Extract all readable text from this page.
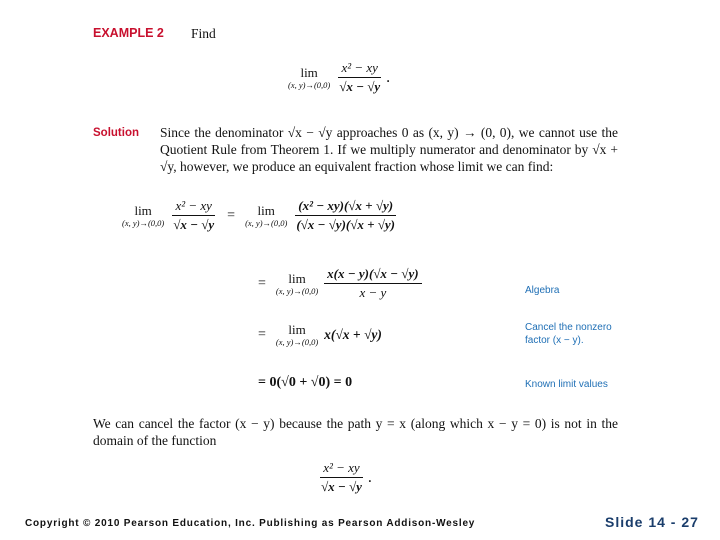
EXAMPLE 2 Find
lim
(x, $y)\to(0,0) \frac{\text{x² − xy}}{√x - √y}$ .
Solution Since the denominator √x − √y approaches 0 as (x, y) → (0, 0), we cannot use the Quotient Rule from Theorem 1. If we multiply numerator and denominator by √x + √y, however, we produce an equivalent fraction whose limit we can find:
lim
(x, $y)\to(0,0) \frac{\text{x² − xy}}{√x - √y}$ =	lim
(x, $y)\to(0,0) \frac{\text{(x² − xy)(√x + √y)}}{(√x - √y)(√x + √y)}$
=	lim
(x, $y)\to(0,0) \frac{x(x - y)(√x - √y)}{x - y}$	Algebra
=	lim
(x, y)→(0,0)
x(√x + √y)	Cancel the nonzero factor (x − y).
= 0(√0 + √0) = 0	Known limit values
We can cancel the factor (x − y) because the path y = x (along which x − y = 0) is not in the domain of the function
$\frac{\text{x² − xy}}{√x - √y}$ .
Copyright © 2010 Pearson Education, Inc. Publishing as Pearson Addison-Wesley	Slide 14 - 27
